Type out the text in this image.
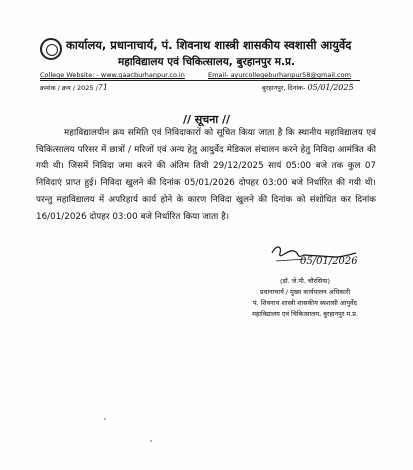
कार्यालय, प्रधानाचार्य, पं. शिवनाथ शास्त्री शासकीय स्वशासी आयुर्वेद
महाविद्यालय एवं चिकित्सालय, बुरहानपुर म.प्र.
College Website: - www.gaacburhanpur.co.in	Email- ayurcollegeburhanpur58@gmail.com
क्रमांक / क्रय / 2025 /71	बुरहानपुर, दिनांक- 05/01/2025
// सूचना //
महाविद्यालयीन क्रय समिति एवं निविदाकारों को सूचित किया जाता है कि स्थानीय महाविद्यालय एवं चिकित्सालय परिसर में छात्रों / मरिजों एवं अन्य हेतु आयुर्वेद मेडिकल संचालन करने हेतु निविदा आमंत्रित की गयी थी। जिसमें निविदा जमा करने की अंतिम तिथी 29/12/2025 सायं 05:00 बजे तक कुल 07 निविदाएं प्राप्त हुई। निविदा खुलने की दिनांक 05/01/2026 दोपहर 03:00 बजे निर्धारित की गयी थी। परन्तु महाविद्यालय में अपरिहार्य कार्य होने के कारण निविदा खुलने की दिनांक को संशोधित कर दिनांक 16/01/2026 दोपहर 03:00 बजे निर्धारित किया जाता है।
05/01/2026
(डॉ. जे.पी. चौरसिया)
प्रधानाचार्य / मुख्य कार्यपालन अधिकारी
पं. शिवनाथ शास्त्री शासकीय स्वशासी आयुर्वेद
महाविद्यालय एवं चिकित्सालय, बुरहानपुर म.प्र.
